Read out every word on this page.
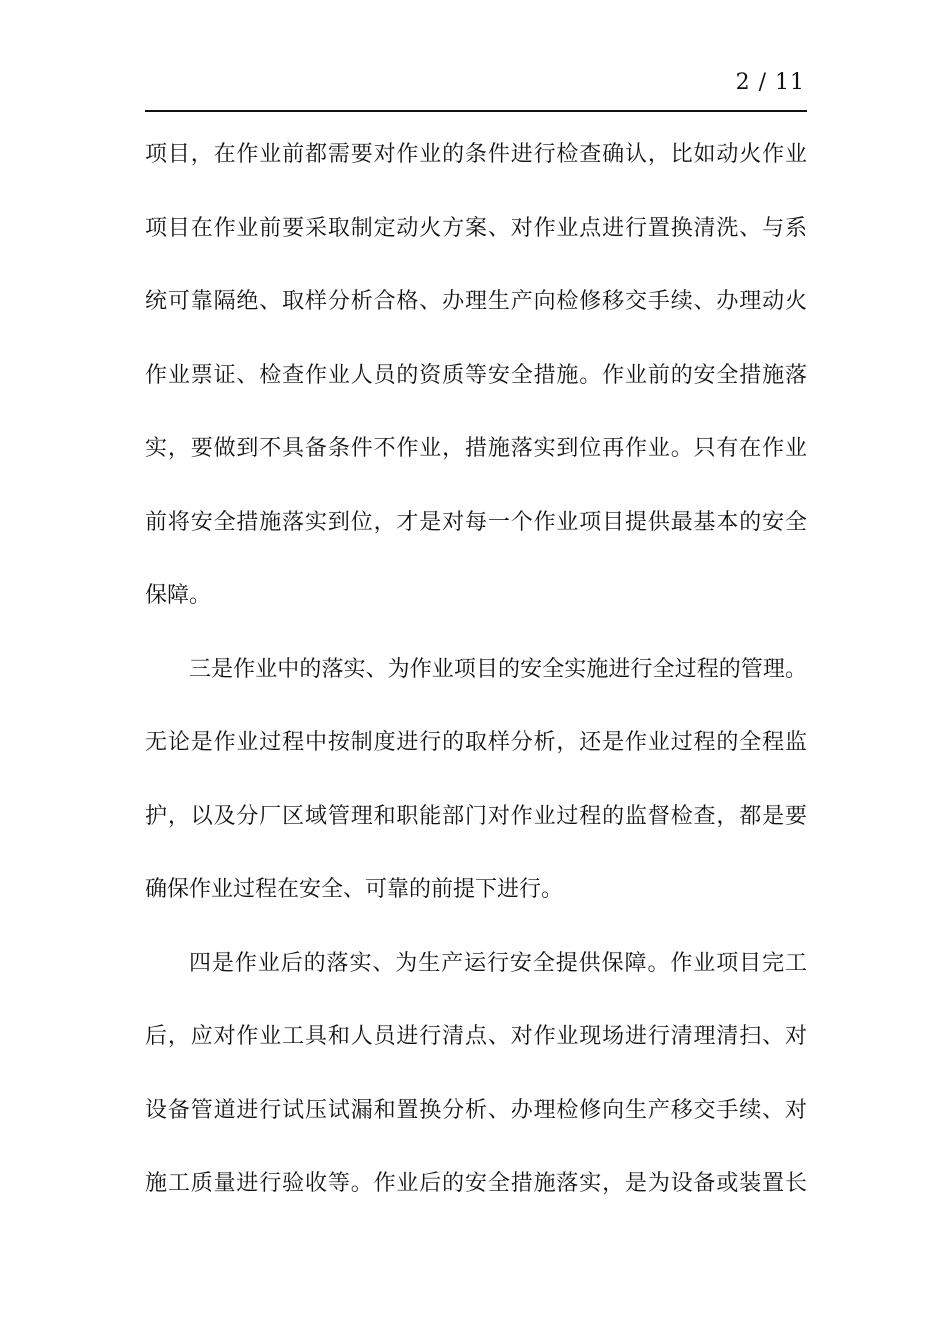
2 / 11
项目，在作业前都需要对作业的条件进行检查确认，比如动火作业
项目在作业前要采取制定动火方案、对作业点进行置换清洗、与系
统可靠隔绝、取样分析合格、办理生产向检修移交手续、办理动火
作业票证、检查作业人员的资质等安全措施。作业前的安全措施落
实，要做到不具备条件不作业，措施落实到位再作业。只有在作业
前将安全措施落实到位，才是对每一个作业项目提供最基本的安全
保障。
三是作业中的落实、为作业项目的安全实施进行全过程的管理。
无论是作业过程中按制度进行的取样分析，还是作业过程的全程监
护，以及分厂区域管理和职能部门对作业过程的监督检查，都是要
确保作业过程在安全、可靠的前提下进行。
四是作业后的落实、为生产运行安全提供保障。作业项目完工
后，应对作业工具和人员进行清点、对作业现场进行清理清扫、对
设备管道进行试压试漏和置换分析、办理检修向生产移交手续、对
施工质量进行验收等。作业后的安全措施落实，是为设备或装置长
